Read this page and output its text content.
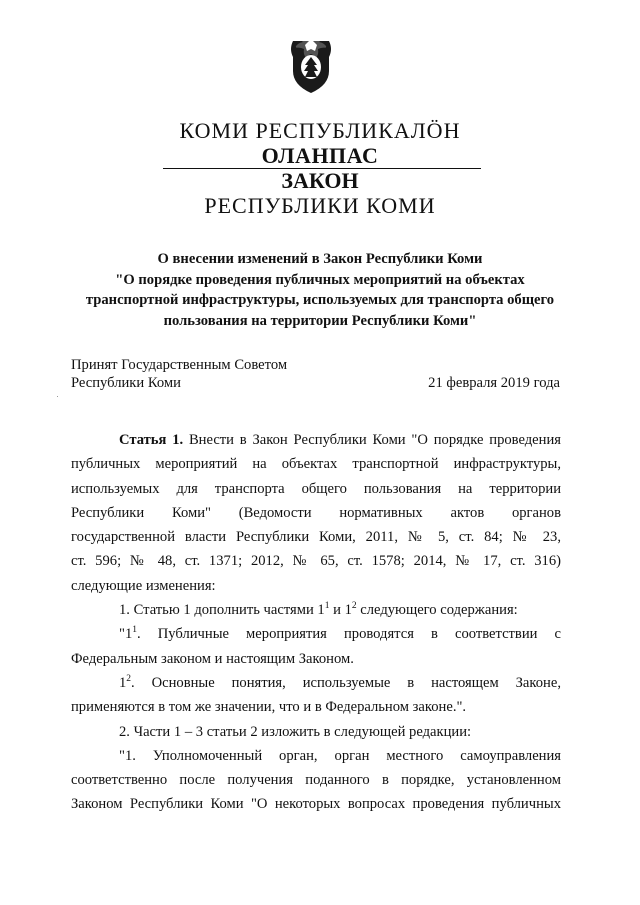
КОМИ РЕСПУБЛИКАЛÖН
ОЛАНПАС
ЗАКОН
РЕСПУБЛИКИ КОМИ
О внесении изменений в Закон Республики Коми
"О порядке проведения публичных мероприятий на объектах
транспортной инфраструктуры, используемых для транспорта общего
пользования на территории Республики Коми"
Принят Государственным Советом
Республики Коми	21 февраля 2019 года

Статья 1. Внести в Закон Республики Коми "О порядке проведения

публичных мероприятий на объектах транспортной инфраструктуры,

используемых для транспорта общего пользования на территории

Республики Коми" (Ведомости нормативных актов органов

государственной власти Республики Коми, 2011, № 5, ст. 84; № 23,

ст. 596; № 48, ст. 1371; 2012, № 65, ст. 1578; 2014, № 17, ст. 316)

следующие изменения:

1. Статью 1 дополнить частями $1^1$ и $1^2$ следующего содержания:

"$1^1$. Публичные мероприятия проводятся в соответствии с

Федеральным законом и настоящим Законом.

$1^2$. Основные понятия, используемые в настоящем Законе,

применяются в том же значении, что и в Федеральном законе.".

2. Части 1 – 3 статьи 2 изложить в следующей редакции:

"1. Уполномоченный орган, орган местного самоуправления

соответственно после получения поданного в порядке, установленном

Законом Республики Коми "О некоторых вопросах проведения публичных
